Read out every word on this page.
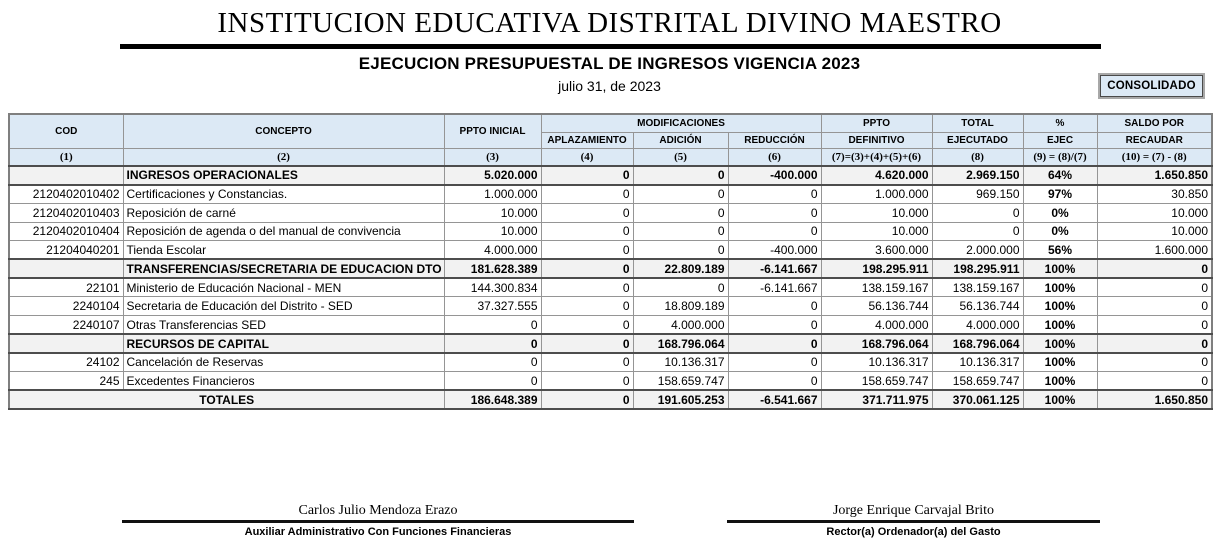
INSTITUCION EDUCATIVA DISTRITAL DIVINO MAESTRO
EJECUCION PRESUPUESTAL DE INGRESOS VIGENCIA 2023
julio 31, de 2023	CONSOLIDADO
COD	CONCEPTO	PPTO INICIAL	MODIFICACIONES			PPTO	TOTAL	%	SALDO POR
			APLAZAMIENTO	ADICIÓN	REDUCCIÓN	DEFINITIVO	EJECUTADO	EJEC	RECAUDAR
(1)	(2)	(3)	(4)	(5)	(6)	(7)=(3)+(4)+(5)+(6)	(8)	(9) = (8)/(7)	(10) = (7) - (8)
	INGRESOS OPERACIONALES	5.020.000	0	0	-400.000	4.620.000	2.969.150	64%	1.650.850
2120402010402	Certificaciones y Constancias.	1.000.000	0	0	0	1.000.000	969.150	97%	30.850
2120402010403	Reposición de carné	10.000	0	0	0	10.000	0	0%	10.000
2120402010404	Reposición de agenda o del manual de convivencia	10.000	0	0	0	10.000	0	0%	10.000
21204040201	Tienda Escolar	4.000.000	0	0	-400.000	3.600.000	2.000.000	56%	1.600.000
	TRANSFERENCIAS/SECRETARIA DE EDUCACION DTO	181.628.389	0	22.809.189	-6.141.667	198.295.911	198.295.911	100%	0
22101	Ministerio de Educación Nacional - MEN	144.300.834	0	0	-6.141.667	138.159.167	138.159.167	100%	0
2240104	Secretaria de Educación del Distrito - SED	37.327.555	0	18.809.189	0	56.136.744	56.136.744	100%	0
2240107	Otras Transferencias SED	0	0	4.000.000	0	4.000.000	4.000.000	100%	0
	RECURSOS DE CAPITAL	0	0	168.796.064	0	168.796.064	168.796.064	100%	0
24102	Cancelación de Reservas	0	0	10.136.317	0	10.136.317	10.136.317	100%	0
245	Excedentes Financieros	0	0	158.659.747	0	158.659.747	158.659.747	100%	0
TOTALES		186.648.389	0	191.605.253	-6.541.667	371.711.975	370.061.125	100%	1.650.850
Carlos Julio Mendoza Erazo
Auxiliar Administrativo Con Funciones Financieras
Jorge Enrique Carvajal Brito
Rector(a) Ordenador(a) del Gasto
